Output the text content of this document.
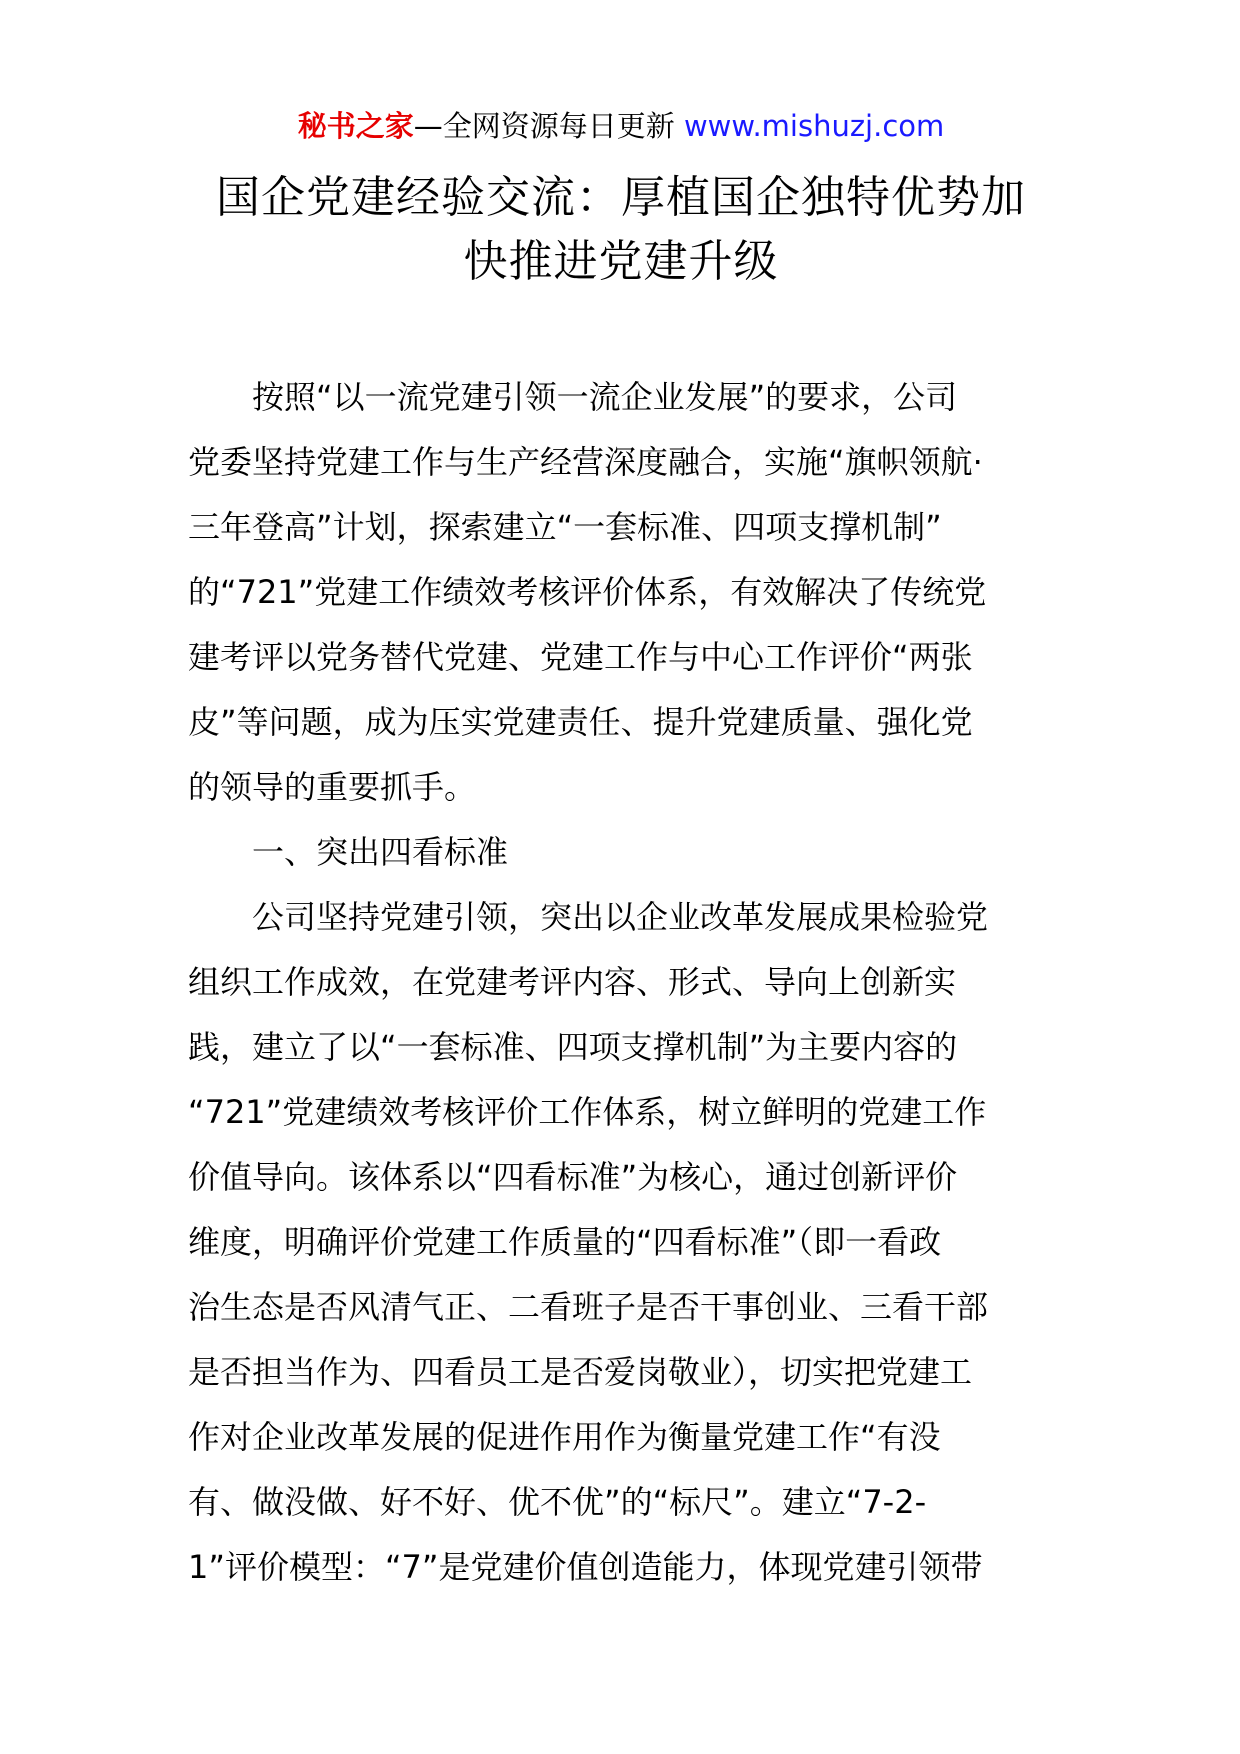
秘书之家—全网资源每日更新 www.mishuzj.com
国企党建经验交流：厚植国企独特优势加
快推进党建升级

按照“以一流党建引领一流企业发展”的要求，公司
党委坚持党建工作与生产经营深度融合，实施“旗帜领航·
三年登高”计划，探索建立“一套标准、四项支撑机制”
的“721”党建工作绩效考核评价体系，有效解决了传统党
建考评以党务替代党建、党建工作与中心工作评价“两张
皮”等问题，成为压实党建责任、提升党建质量、强化党
的领导的重要抓手。

一、突出四看标准

公司坚持党建引领，突出以企业改革发展成果检验党
组织工作成效，在党建考评内容、形式、导向上创新实
践，建立了以“一套标准、四项支撑机制”为主要内容的
“721”党建绩效考核评价工作体系，树立鲜明的党建工作
价值导向。该体系以“四看标准”为核心，通过创新评价
维度，明确评价党建工作质量的“四看标准”（即一看政
治生态是否风清气正、二看班子是否干事创业、三看干部
是否担当作为、四看员工是否爱岗敬业），切实把党建工
作对企业改革发展的促进作用作为衡量党建工作“有没
有、做没做、好不好、优不优”的“标尺”。建立“7-2-
1”评价模型：“7”是党建价值创造能力，体现党建引领带
